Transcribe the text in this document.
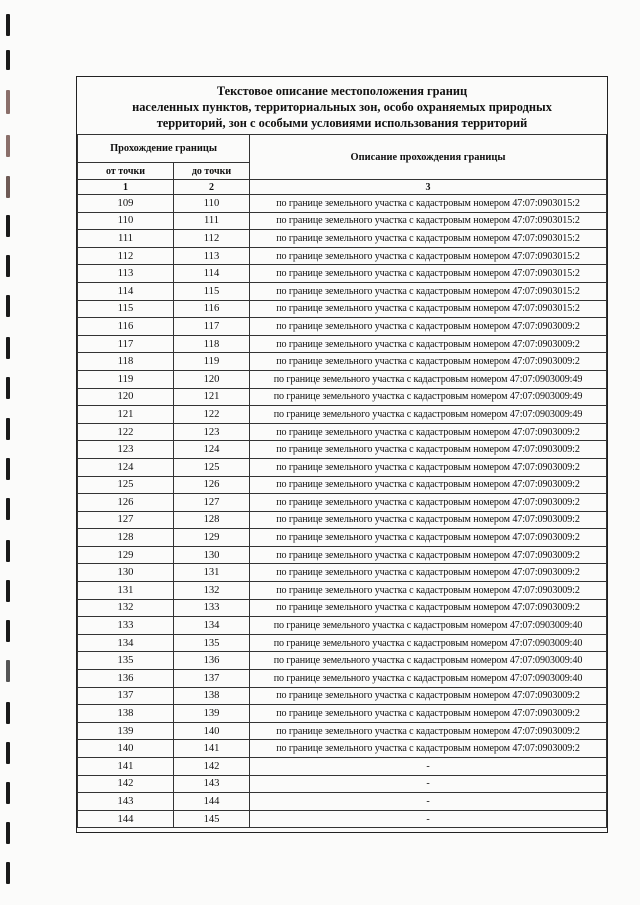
Текстовое описание местоположения границ
населенных пунктов, территориальных зон, особо охраняемых природных
территорий, зон с особыми условиями использования территорий
Прохождение границы		Описание прохождения границы
от точки	до точки	
1	2	3
109	110	по границе земельного участка с кадастровым номером 47:07:0903015:2
110	111	по границе земельного участка с кадастровым номером 47:07:0903015:2
111	112	по границе земельного участка с кадастровым номером 47:07:0903015:2
112	113	по границе земельного участка с кадастровым номером 47:07:0903015:2
113	114	по границе земельного участка с кадастровым номером 47:07:0903015:2
114	115	по границе земельного участка с кадастровым номером 47:07:0903015:2
115	116	по границе земельного участка с кадастровым номером 47:07:0903015:2
116	117	по границе земельного участка с кадастровым номером 47:07:0903009:2
117	118	по границе земельного участка с кадастровым номером 47:07:0903009:2
118	119	по границе земельного участка с кадастровым номером 47:07:0903009:2
119	120	по границе земельного участка с кадастровым номером 47:07:0903009:49
120	121	по границе земельного участка с кадастровым номером 47:07:0903009:49
121	122	по границе земельного участка с кадастровым номером 47:07:0903009:49
122	123	по границе земельного участка с кадастровым номером 47:07:0903009:2
123	124	по границе земельного участка с кадастровым номером 47:07:0903009:2
124	125	по границе земельного участка с кадастровым номером 47:07:0903009:2
125	126	по границе земельного участка с кадастровым номером 47:07:0903009:2
126	127	по границе земельного участка с кадастровым номером 47:07:0903009:2
127	128	по границе земельного участка с кадастровым номером 47:07:0903009:2
128	129	по границе земельного участка с кадастровым номером 47:07:0903009:2
129	130	по границе земельного участка с кадастровым номером 47:07:0903009:2
130	131	по границе земельного участка с кадастровым номером 47:07:0903009:2
131	132	по границе земельного участка с кадастровым номером 47:07:0903009:2
132	133	по границе земельного участка с кадастровым номером 47:07:0903009:2
133	134	по границе земельного участка с кадастровым номером 47:07:0903009:40
134	135	по границе земельного участка с кадастровым номером 47:07:0903009:40
135	136	по границе земельного участка с кадастровым номером 47:07:0903009:40
136	137	по границе земельного участка с кадастровым номером 47:07:0903009:40
137	138	по границе земельного участка с кадастровым номером 47:07:0903009:2
138	139	по границе земельного участка с кадастровым номером 47:07:0903009:2
139	140	по границе земельного участка с кадастровым номером 47:07:0903009:2
140	141	по границе земельного участка с кадастровым номером 47:07:0903009:2
141	142	-
142	143	-
143	144	-
144	145	-
